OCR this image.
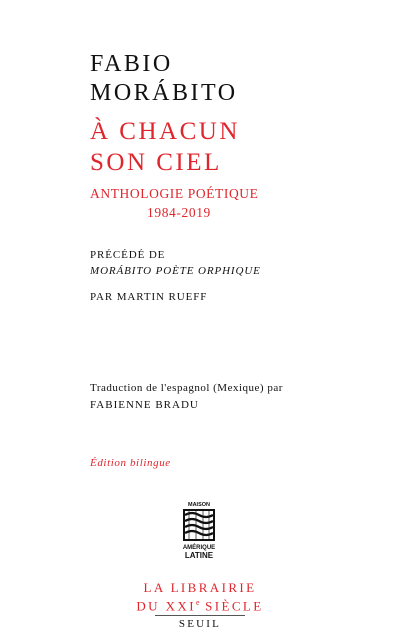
FABIO
MORÁBITO
À CHACUN
SON CIEL
ANTHOLOGIE POÉTIQUE
1984-2019
PRÉCÉDÉ DE
MORÁBITO POÈTE ORPHIQUE
PAR MARTIN RUEFF
Traduction de l'espagnol (Mexique) par
FABIENNE BRADU
Édition bilingue
MAISON
AMÉRIQUE
LATINE
LA LIBRAIRIE
DU XXIe SIÈCLE
SEUIL
